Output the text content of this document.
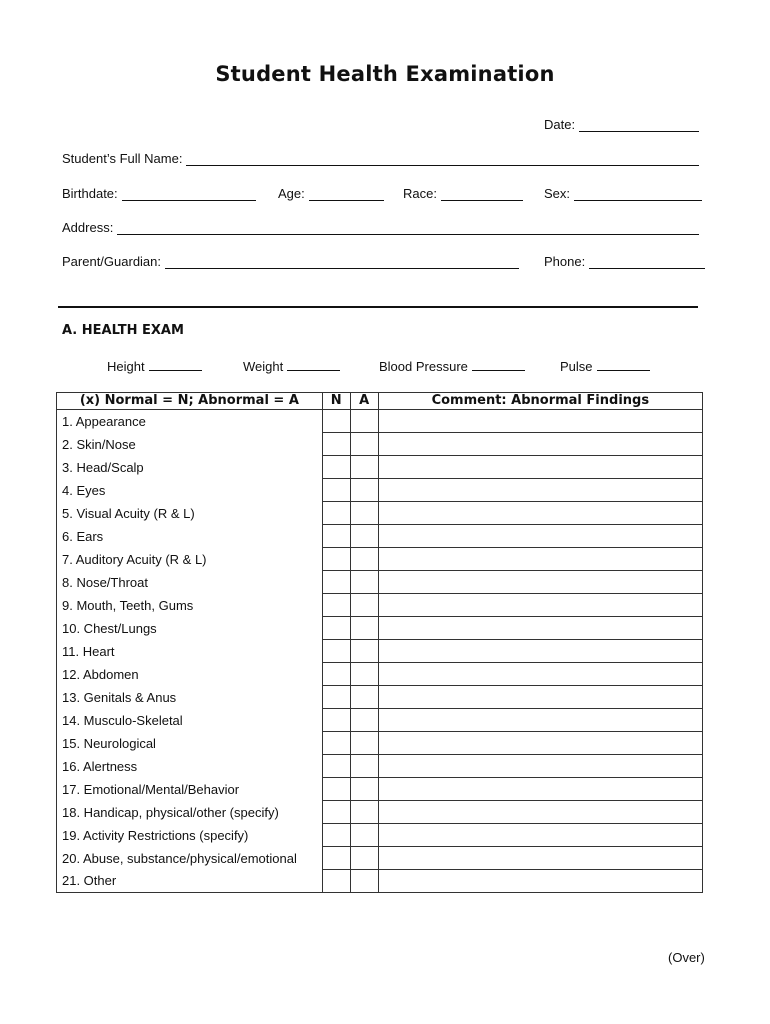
Student Health Examination
Date:
Student’s Full Name:
Birthdate:	Age:	Race:	Sex:
Address:
Parent/Guardian:	Phone:
A. HEALTH EXAM
Height	Weight	Blood Pressure	Pulse
(x) Normal = N; Abnormal = A	N	A	Comment: Abnormal Findings
1. Appearance			
2. Skin/Nose			
3. Head/Scalp			
4. Eyes			
5. Visual Acuity (R & L)			
6. Ears			
7. Auditory Acuity (R & L)			
8. Nose/Throat			
9. Mouth, Teeth, Gums			
10. Chest/Lungs			
11. Heart			
12. Abdomen			
13. Genitals & Anus			
14. Musculo-Skeletal			
15. Neurological			
16. Alertness			
17. Emotional/Mental/Behavior			
18. Handicap, physical/other (specify)			
19. Activity Restrictions (specify)			
20. Abuse, substance/physical/emotional			
21. Other			
(Over)
